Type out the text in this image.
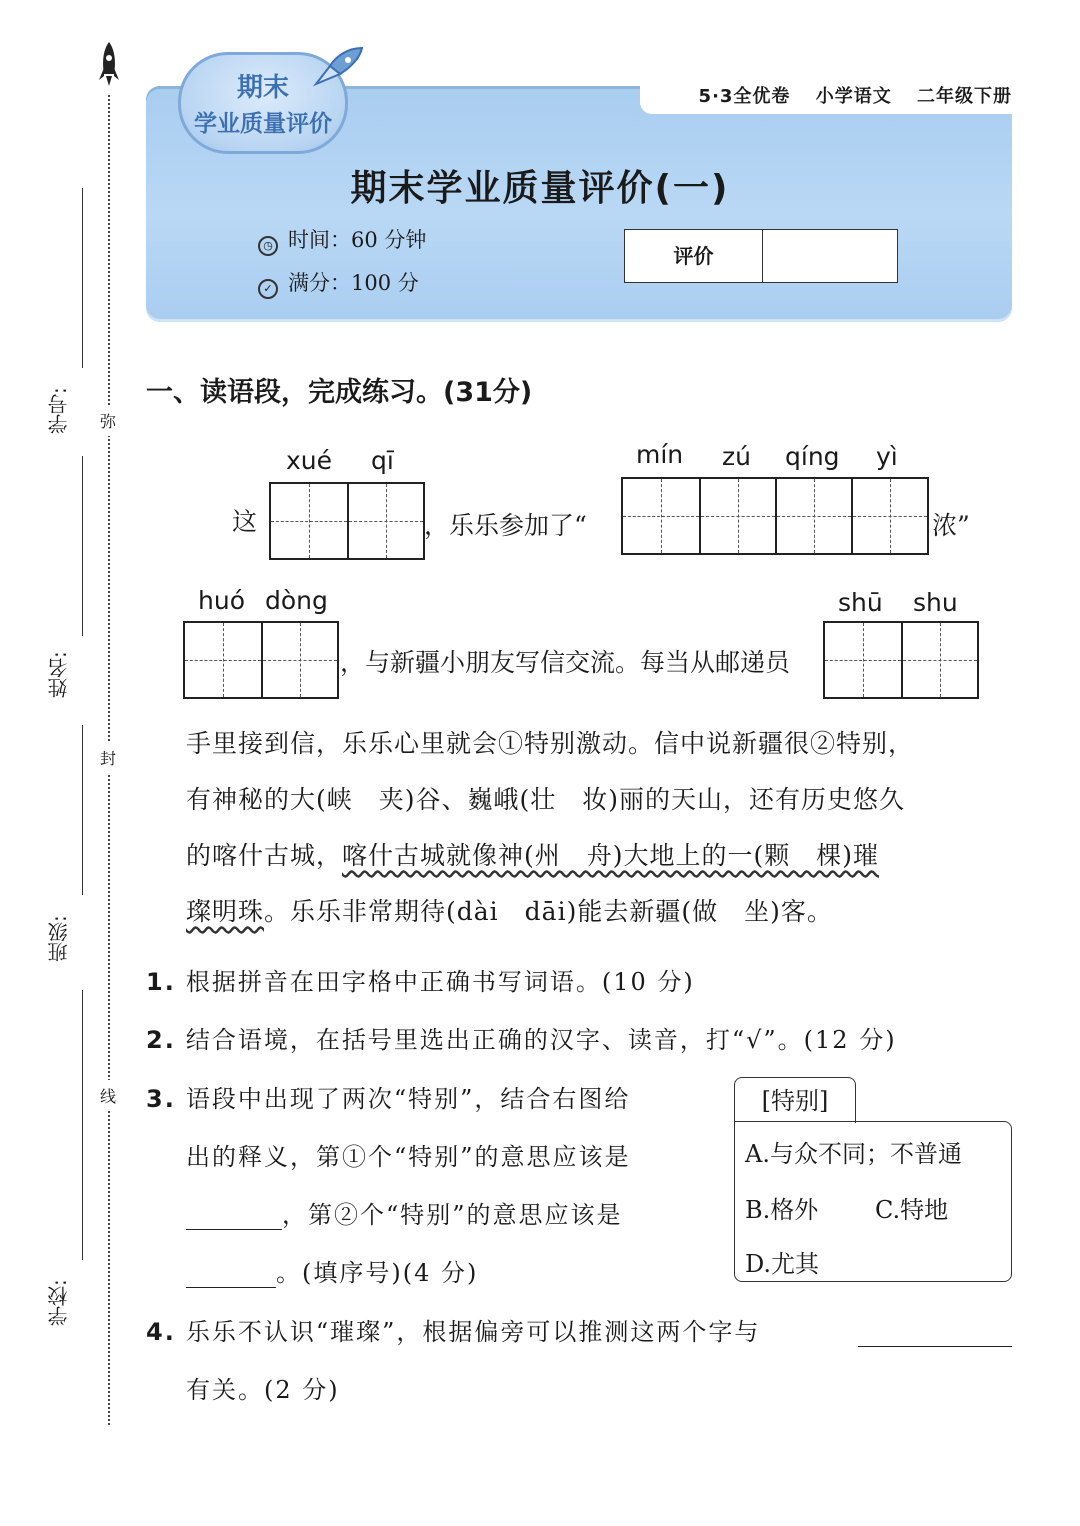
弥
封
线
学号:
姓名:
班级:
学校:
5·3全优卷 小学语文 二年级下册
期末
学业质量评价
期末学业质量评价(一)
◷ 时间：60 分钟
✓ 满分：100 分
评价
一、读语段，完成练习。(31分)
xué qī
这	，乐乐参加了“
mín zú qíng yì
浓”
huó dòng
，与新疆小朋友写信交流。每当从邮递员
shū shu
手里接到信，乐乐心里就会①特别激动。信中说新疆很②特别，
有神秘的大(峡　夹)谷、巍峨(壮　妆)丽的天山，还有历史悠久
的喀什古城，喀什古城就像神(州　舟)大地上的一(颗　棵)璀
璨明珠。乐乐非常期待(dài　dāi)能去新疆(做　坐)客。
1. 根据拼音在田字格中正确书写词语。(10 分)
2. 结合语境，在括号里选出正确的汉字、读音，打“√”。(12 分)
3. 语段中出现了两次“特别”，结合右图给
出的释义，第①个“特别”的意思应该是
，第②个“特别”的意思应该是
。(填序号)(4 分)
[特别]
A.与众不同；不普通
B.格外 C.特地
D.尤其
4. 乐乐不认识“璀璨”，根据偏旁可以推测这两个字与
有关。(2 分)
